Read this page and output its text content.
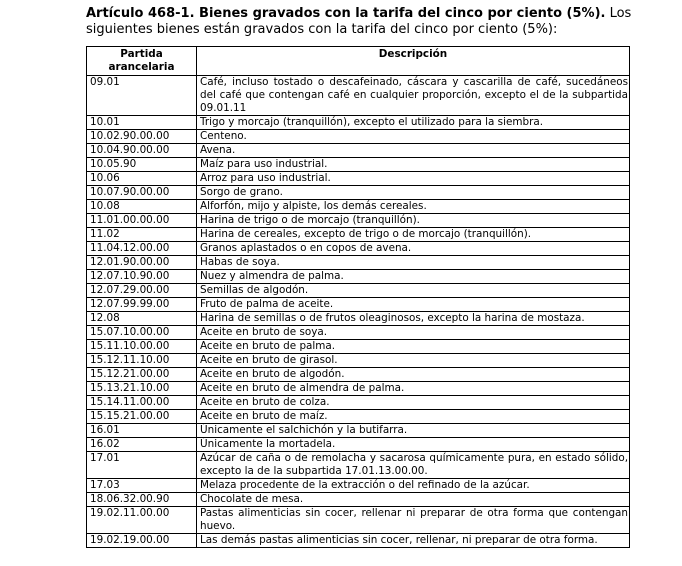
Artículo 468-1. Bienes gravados con la tarifa del cinco por ciento (5%). Los siguientes bienes están gravados con la tarifa del cinco por ciento (5%):
Partida arancelaria	Descripción
09.01	Café, incluso tostado o descafeinado, cáscara y cascarilla de café, sucedáneos del café que contengan café en cualquier proporción, excepto el de la subpartida 09.01.11
10.01	Trigo y morcajo (tranquillón), excepto el utilizado para la siembra.
10.02.90.00.00	Centeno.
10.04.90.00.00	Avena.
10.05.90	Maíz para uso industrial.
10.06	Arroz para uso industrial.
10.07.90.00.00	Sorgo de grano.
10.08	Alforfón, mijo y alpiste, los demás cereales.
11.01.00.00.00	Harina de trigo o de morcajo (tranquillón).
11.02	Harina de cereales, excepto de trigo o de morcajo (tranquillón).
11.04.12.00.00	Granos aplastados o en copos de avena.
12.01.90.00.00	Habas de soya.
12.07.10.90.00	Nuez y almendra de palma.
12.07.29.00.00	Semillas de algodón.
12.07.99.99.00	Fruto de palma de aceite.
12.08	Harina de semillas o de frutos oleaginosos, excepto la harina de mostaza.
15.07.10.00.00	Aceite en bruto de soya.
15.11.10.00.00	Aceite en bruto de palma.
15.12.11.10.00	Aceite en bruto de girasol.
15.12.21.00.00	Aceite en bruto de algodón.
15.13.21.10.00	Aceite en bruto de almendra de palma.
15.14.11.00.00	Aceite en bruto de colza.
15.15.21.00.00	Aceite en bruto de maíz.
16.01	Únicamente el salchichón y la butifarra.
16.02	Únicamente la mortadela.
17.01	Azúcar de caña o de remolacha y sacarosa químicamente pura, en estado sólido, excepto la de la subpartida 17.01.13.00.00.
17.03	Melaza procedente de la extracción o del refinado de la azúcar.
18.06.32.00.90	Chocolate de mesa.
19.02.11.00.00	Pastas alimenticias sin cocer, rellenar ni preparar de otra forma que contengan huevo.
19.02.19.00.00	Las demás pastas alimenticias sin cocer, rellenar, ni preparar de otra forma.
